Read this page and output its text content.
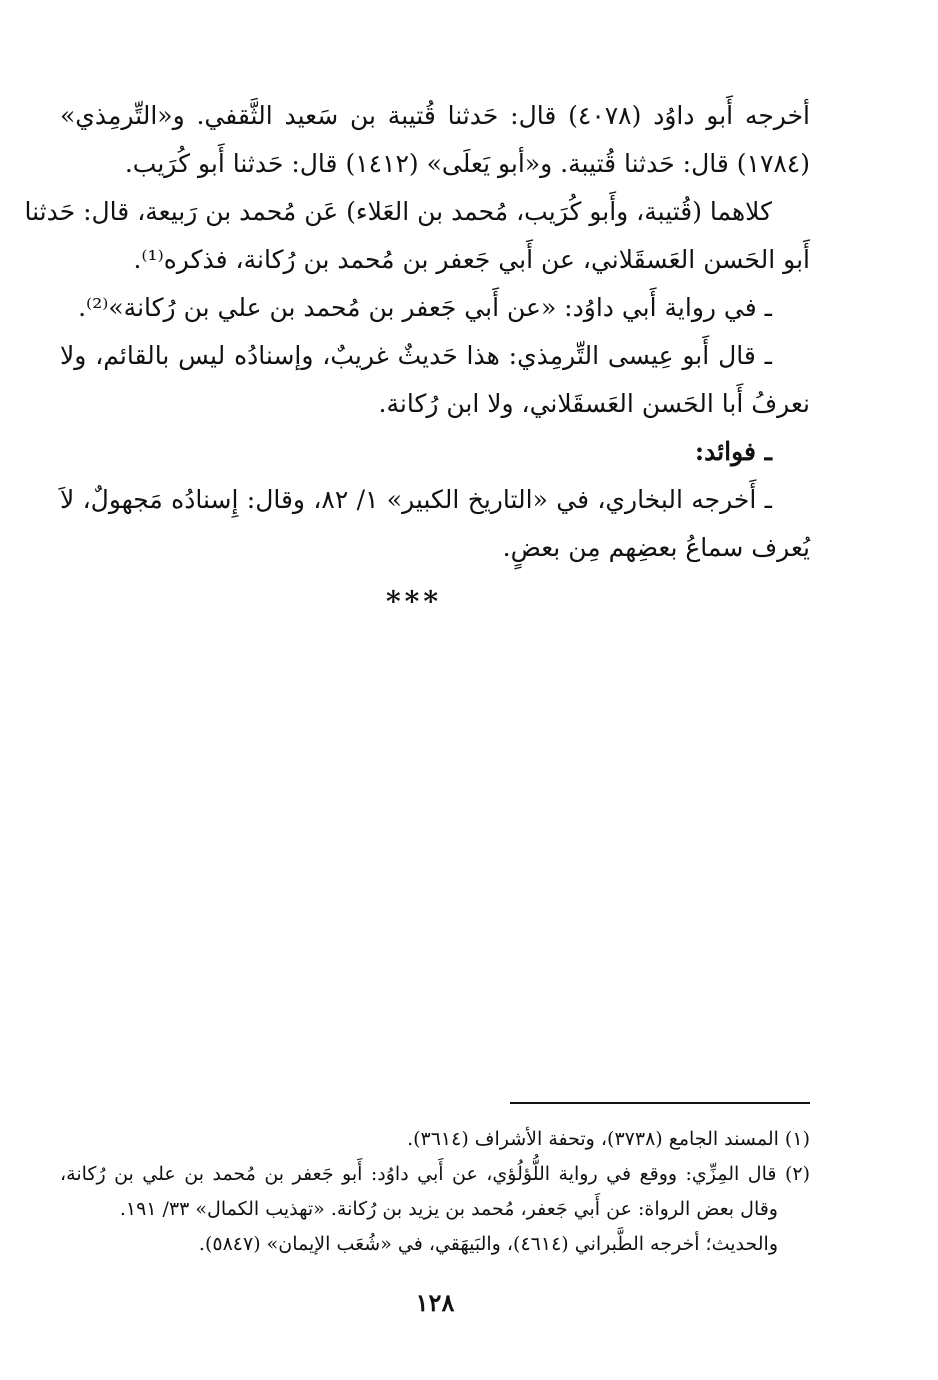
أخرجه أَبو داوُد (٤٠٧٨) قال: حَدثنا قُتيبة بن سَعيد الثَّقفي. و«التِّرمِذي»
(١٧٨٤) قال: حَدثنا قُتيبة. و«أبو يَعلَى» (١٤١٢) قال: حَدثنا أَبو كُرَيب.
كلاهما (قُتيبة، وأَبو كُرَيب، مُحمد بن العَلاء) عَن مُحمد بن رَبيعة، قال: حَدثنا
أَبو الحَسن العَسقَلاني، عن أَبي جَعفر بن مُحمد بن رُكانة، فذكره⁽¹⁾.
ـ في رواية أَبي داوُد: «عن أَبي جَعفر بن مُحمد بن علي بن رُكانة»⁽²⁾.
ـ قال أَبو عِيسى التِّرمِذي: هذا حَديثٌ غريبٌ، وإسنادُه ليس بالقائم، ولا
نعرفُ أَبا الحَسن العَسقَلاني، ولا ابن رُكانة.
ـ فوائد:
ـ أَخرجه البخاري، في «التاريخ الكبير» ١/ ٨٢، وقال: إِسنادُه مَجهولٌ، لاَ
يُعرف سماعُ بعضِهم مِن بعضٍ.
***
(١) المسند الجامع (٣٧٣٨)، وتحفة الأشراف (٣٦١٤).
(٢) قال المِزِّي: ووقع في رواية اللُّؤلُؤي، عن أَبي داوُد: أَبو جَعفر بن مُحمد بن علي بن رُكانة،
وقال بعض الرواة: عن أَبي جَعفر، مُحمد بن يزيد بن رُكانة. «تهذيب الكمال» ٣٣/ ١٩١.
والحديث؛ أخرجه الطَّبراني (٤٦١٤)، والبَيهَقي، في «شُعَب الإيمان» (٥٨٤٧).
١٢٨
